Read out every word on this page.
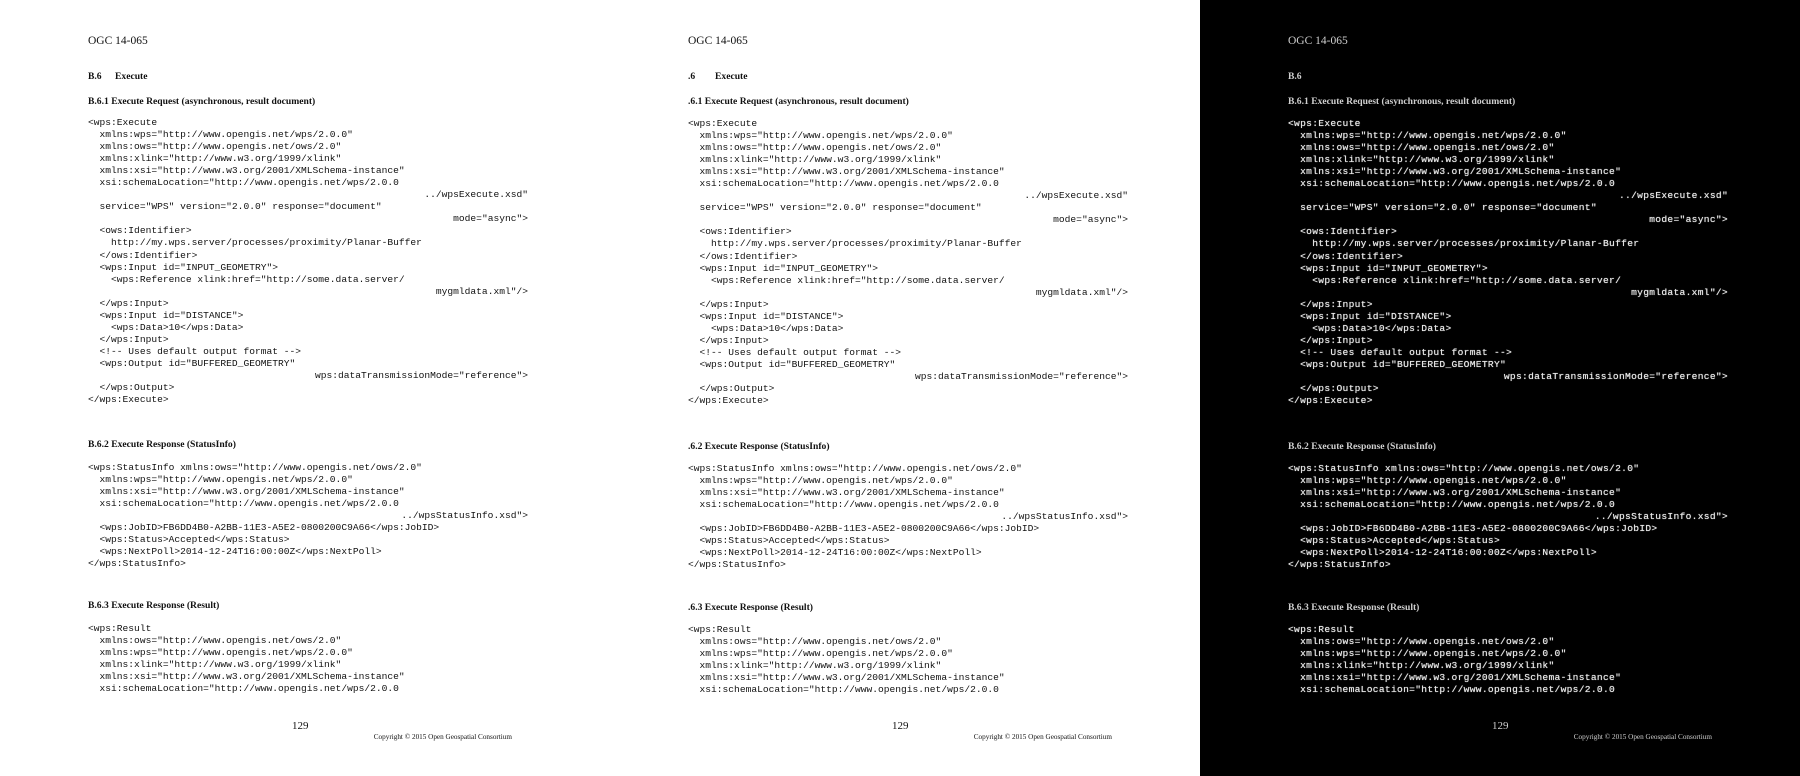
OGC 14-065
B.6 Execute
B.6.1 Execute Request (asynchronous, result document)
<wps:Execute
xmlns:wps="http://www.opengis.net/wps/2.0.0"
xmlns:ows="http://www.opengis.net/ows/2.0"
xmlns:xlink="http://www.w3.org/1999/xlink"
xmlns:xsi="http://www.w3.org/2001/XMLSchema-instance"
xsi:schemaLocation="http://www.opengis.net/wps/2.0.0
../wpsExecute.xsd"
service="WPS" version="2.0.0" response="document"
mode="async">
<ows:Identifier>
http://my.wps.server/processes/proximity/Planar-Buffer
</ows:Identifier>
<wps:Input id="INPUT_GEOMETRY">
<wps:Reference xlink:href="http://some.data.server/
mygmldata.xml"/>
</wps:Input>
<wps:Input id="DISTANCE">
<wps:Data>10</wps:Data>
</wps:Input>
<!-- Uses default output format -->
<wps:Output id="BUFFERED_GEOMETRY"
wps:dataTransmissionMode="reference">
</wps:Output>
</wps:Execute>
B.6.2 Execute Response (StatusInfo)
<wps:StatusInfo xmlns:ows="http://www.opengis.net/ows/2.0"
xmlns:wps="http://www.opengis.net/wps/2.0.0"
xmlns:xsi="http://www.w3.org/2001/XMLSchema-instance"
xsi:schemaLocation="http://www.opengis.net/wps/2.0.0
../wpsStatusInfo.xsd">
<wps:JobID>FB6DD4B0-A2BB-11E3-A5E2-0800200C9A66</wps:JobID>
<wps:Status>Accepted</wps:Status>
<wps:NextPoll>2014-12-24T16:00:00Z</wps:NextPoll>
</wps:StatusInfo>
B.6.3 Execute Response (Result)
<wps:Result
xmlns:ows="http://www.opengis.net/ows/2.0"
xmlns:wps="http://www.opengis.net/wps/2.0.0"
xmlns:xlink="http://www.w3.org/1999/xlink"
xmlns:xsi="http://www.w3.org/2001/XMLSchema-instance"
xsi:schemaLocation="http://www.opengis.net/wps/2.0.0
129
Copyright © 2015 Open Geospatial Consortium
OGC 14-065
.6 Execute
.6.1 Execute Request (asynchronous, result document)
<wps:Execute
xmlns:wps="http://www.opengis.net/wps/2.0.0"
xmlns:ows="http://www.opengis.net/ows/2.0"
xmlns:xlink="http://www.w3.org/1999/xlink"
xmlns:xsi="http://www.w3.org/2001/XMLSchema-instance"
xsi:schemaLocation="http://www.opengis.net/wps/2.0.0
../wpsExecute.xsd"
service="WPS" version="2.0.0" response="document"
mode="async">
<ows:Identifier>
http://my.wps.server/processes/proximity/Planar-Buffer
</ows:Identifier>
<wps:Input id="INPUT_GEOMETRY">
<wps:Reference xlink:href="http://some.data.server/
mygmldata.xml"/>
</wps:Input>
<wps:Input id="DISTANCE">
<wps:Data>10</wps:Data>
</wps:Input>
<!-- Uses default output format -->
<wps:Output id="BUFFERED_GEOMETRY"
wps:dataTransmissionMode="reference">
</wps:Output>
</wps:Execute>
.6.2 Execute Response (StatusInfo)
<wps:StatusInfo xmlns:ows="http://www.opengis.net/ows/2.0"
xmlns:wps="http://www.opengis.net/wps/2.0.0"
xmlns:xsi="http://www.w3.org/2001/XMLSchema-instance"
xsi:schemaLocation="http://www.opengis.net/wps/2.0.0
../wpsStatusInfo.xsd">
<wps:JobID>FB6DD4B0-A2BB-11E3-A5E2-0800200C9A66</wps:JobID>
<wps:Status>Accepted</wps:Status>
<wps:NextPoll>2014-12-24T16:00:00Z</wps:NextPoll>
</wps:StatusInfo>
.6.3 Execute Response (Result)
<wps:Result
xmlns:ows="http://www.opengis.net/ows/2.0"
xmlns:wps="http://www.opengis.net/wps/2.0.0"
xmlns:xlink="http://www.w3.org/1999/xlink"
xmlns:xsi="http://www.w3.org/2001/XMLSchema-instance"
xsi:schemaLocation="http://www.opengis.net/wps/2.0.0
129
Copyright © 2015 Open Geospatial Consortium
OGC 14-065
B.6
B.6.1 Execute Request (asynchronous, result document)
<wps:Execute
xmlns:wps="http://www.opengis.net/wps/2.0.0"
xmlns:ows="http://www.opengis.net/ows/2.0"
xmlns:xlink="http://www.w3.org/1999/xlink"
xmlns:xsi="http://www.w3.org/2001/XMLSchema-instance"
xsi:schemaLocation="http://www.opengis.net/wps/2.0.0
../wpsExecute.xsd"
service="WPS" version="2.0.0" response="document"
mode="async">
<ows:Identifier>
http://my.wps.server/processes/proximity/Planar-Buffer
</ows:Identifier>
<wps:Input id="INPUT_GEOMETRY">
<wps:Reference xlink:href="http://some.data.server/
mygmldata.xml"/>
</wps:Input>
<wps:Input id="DISTANCE">
<wps:Data>10</wps:Data>
</wps:Input>
<!-- Uses default output format -->
<wps:Output id="BUFFERED_GEOMETRY"
wps:dataTransmissionMode="reference">
</wps:Output>
</wps:Execute>
B.6.2 Execute Response (StatusInfo)
<wps:StatusInfo xmlns:ows="http://www.opengis.net/ows/2.0"
xmlns:wps="http://www.opengis.net/wps/2.0.0"
xmlns:xsi="http://www.w3.org/2001/XMLSchema-instance"
xsi:schemaLocation="http://www.opengis.net/wps/2.0.0
../wpsStatusInfo.xsd">
<wps:JobID>FB6DD4B0-A2BB-11E3-A5E2-0800200C9A66</wps:JobID>
<wps:Status>Accepted</wps:Status>
<wps:NextPoll>2014-12-24T16:00:00Z</wps:NextPoll>
</wps:StatusInfo>
B.6.3 Execute Response (Result)
<wps:Result
xmlns:ows="http://www.opengis.net/ows/2.0"
xmlns:wps="http://www.opengis.net/wps/2.0.0"
xmlns:xlink="http://www.w3.org/1999/xlink"
xmlns:xsi="http://www.w3.org/2001/XMLSchema-instance"
xsi:schemaLocation="http://www.opengis.net/wps/2.0.0
129
Copyright © 2015 Open Geospatial Consortium
